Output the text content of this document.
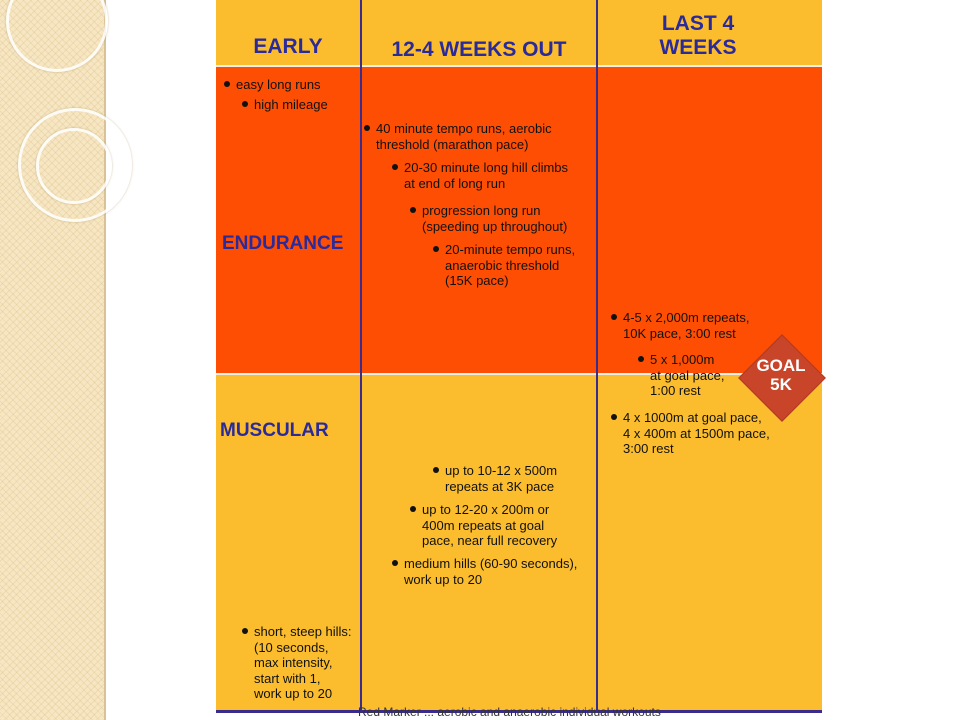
EARLY	12-4 WEEKS OUT
LAST 4
WEEKS
ENDURANCE
MUSCULAR
easy long runs
high mileage
short, steep hills:
(10 seconds,
max intensity,
start with 1,
work up to 20
40 minute tempo runs, aerobic
threshold (marathon pace)
20-30 minute long hill climbs
at end of long run
progression long run
(speeding up throughout)
20-minute tempo runs,
anaerobic threshold
(15K pace)
up to 10-12 x 500m
repeats at 3K pace
up to 12-20 x 200m or
400m repeats at goal
pace, near full recovery
medium hills (60-90 seconds),
work up to 20
4-5 x 2,000m repeats,
10K pace, 3:00 rest
5 x 1,000m
at goal pace,
1:00 rest
4 x 1000m at goal pace,
4 x 400m at 1500m pace,
3:00 rest
GOAL
5K
Red Marker ... aerobic and anaerobic individual workouts
